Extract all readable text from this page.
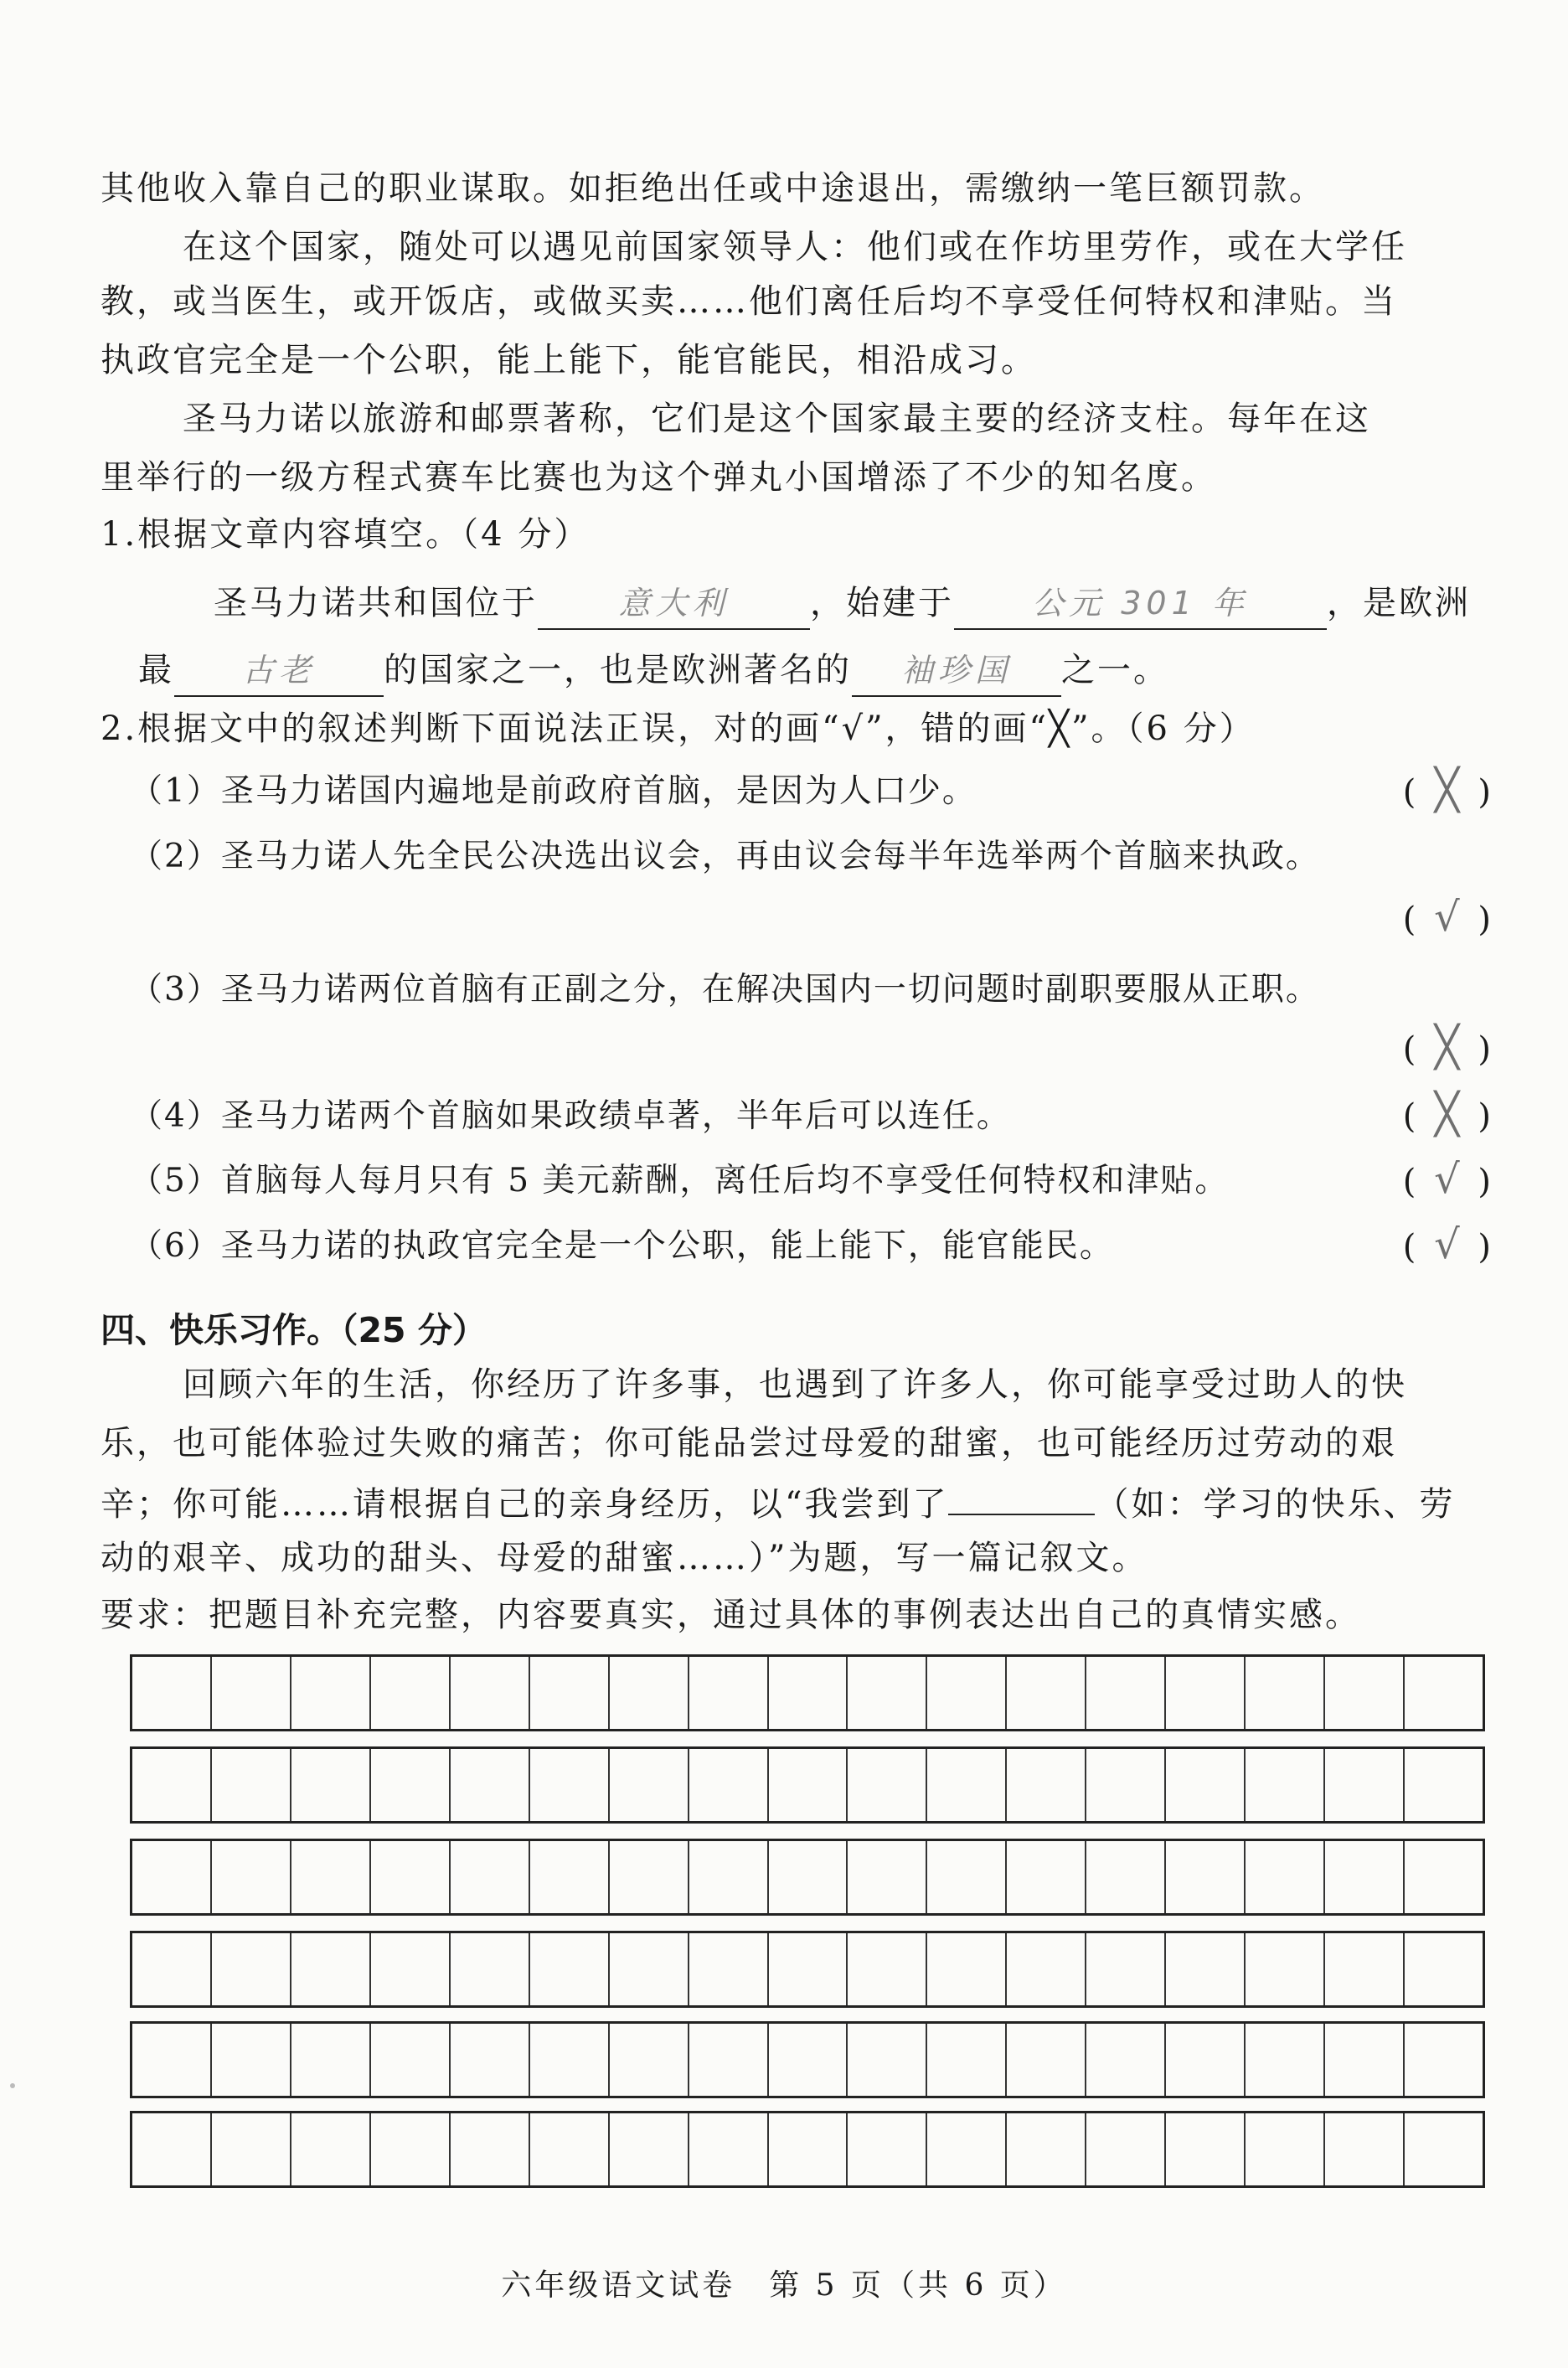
其他收入靠自己的职业谋取。如拒绝出任或中途退出，需缴纳一笔巨额罚款。
在这个国家，随处可以遇见前国家领导人：他们或在作坊里劳作，或在大学任
教，或当医生，或开饭店，或做买卖……他们离任后均不享受任何特权和津贴。当
执政官完全是一个公职，能上能下，能官能民，相沿成习。
圣马力诺以旅游和邮票著称，它们是这个国家最主要的经济支柱。每年在这
里举行的一级方程式赛车比赛也为这个弹丸小国增添了不少的知名度。
1.根据文章内容填空。（4 分）
圣马力诺共和国位于	意大利 ，始建于 公元 301 年 ，是欧洲
最 古老 的国家之一，也是欧洲著名的 袖珍国 之一。
2.根据文中的叙述判断下面说法正误，对的画“√”，错的画“╳”。（6 分）
（1）圣马力诺国内遍地是前政府首脑，是因为人口少。	( ╳ )
（2）圣马力诺人先全民公决选出议会，再由议会每半年选举两个首脑来执政。
( √ )
（3）圣马力诺两位首脑有正副之分，在解决国内一切问题时副职要服从正职。
( ╳ )
（4）圣马力诺两个首脑如果政绩卓著，半年后可以连任。	( ╳ )
（5）首脑每人每月只有 5 美元薪酬，离任后均不享受任何特权和津贴。	( √ )
（6）圣马力诺的执政官完全是一个公职，能上能下，能官能民。	( √ )
四、快乐习作。（25 分）
回顾六年的生活，你经历了许多事，也遇到了许多人，你可能享受过助人的快
乐，也可能体验过失败的痛苦；你可能品尝过母爱的甜蜜，也可能经历过劳动的艰
辛；你可能……请根据自己的亲身经历，以“我尝到了	（如：学习的快乐、劳
动的艰辛、成功的甜头、母爱的甜蜜……）”为题，写一篇记叙文。
要求：把题目补充完整，内容要真实，通过具体的事例表达出自己的真情实感。
六年级语文试卷　第 5 页（共 6 页）
